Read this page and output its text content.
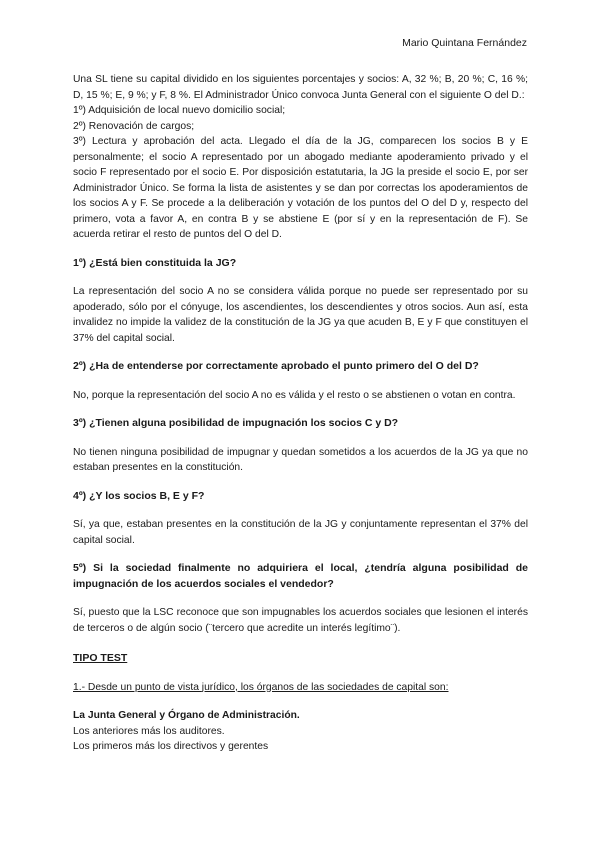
Mario Quintana Fernández

Una SL tiene su capital dividido en los siguientes porcentajes y socios: A, 32 %; B, 20 %; C, 16 %; D, 15 %; E, 9 %; y F, 8 %. El Administrador Único convoca Junta General con el siguiente O del D.:

1º) Adquisición de local nuevo domicilio social;
2º) Renovación de cargos;

3º) Lectura y aprobación del acta. Llegado el día de la JG, comparecen los socios B y E personalmente; el socio A representado por un abogado mediante apoderamiento privado y el socio F representado por el socio E. Por disposición estatutaria, la JG la preside el socio E, por ser Administrador Único. Se forma la lista de asistentes y se dan por correctas los apoderamientos de los socios A y F. Se procede a la deliberación y votación de los puntos del O del D y, respecto del primero, vota a favor A, en contra B y se abstiene E (por sí y en la representación de F). Se acuerda retirar el resto de puntos del O del D.

1º) ¿Está bien constituida la JG?

La representación del socio A no se considera válida porque no puede ser representado por su apoderado, sólo por el cónyuge, los ascendientes, los descendientes y otros socios. Aun así, esta invalidez no impide la validez de la constitución de la JG ya que acuden B, E y F que constituyen el 37% del capital social.

2º) ¿Ha de entenderse por correctamente aprobado el punto primero del O del D?

No, porque la representación del socio A no es válida y el resto o se abstienen o votan en contra.

3º) ¿Tienen alguna posibilidad de impugnación los socios C y D?

No tienen ninguna posibilidad de impugnar y quedan sometidos a los acuerdos de la JG ya que no estaban presentes en la constitución.

4º) ¿Y los socios B, E y F?

Sí, ya que, estaban presentes en la constitución de la JG y conjuntamente representan el 37% del capital social.

5º) Si la sociedad finalmente no adquiriera el local, ¿tendría alguna posibilidad de impugnación de los acuerdos sociales el vendedor?

Sí, puesto que la LSC reconoce que son impugnables los acuerdos sociales que lesionen el interés de terceros o de algún socio (¨tercero que acredite un interés legítimo¨).

TIPO TEST
1.- Desde un punto de vista jurídico, los órganos de las sociedades de capital son:
La Junta General y Órgano de Administración.
Los anteriores más los auditores.
Los primeros más los directivos y gerentes
